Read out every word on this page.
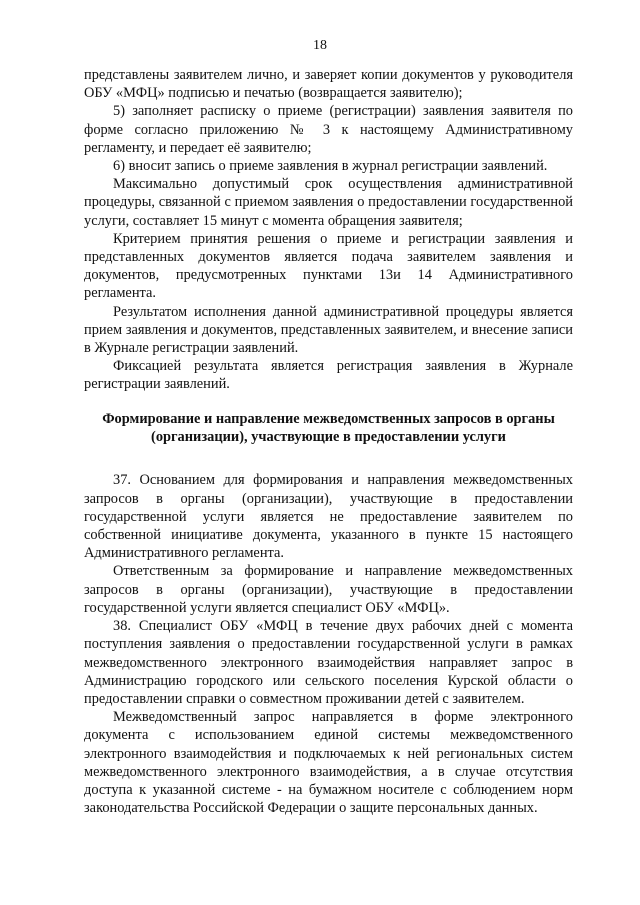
18

представлены заявителем лично, и заверяет копии документов у руководителя ОБУ «МФЦ» подписью и печатью (возвращается заявителю);

5) заполняет расписку о приеме (регистрации) заявления заявителя по форме согласно приложению № 3 к настоящему Административному регламенту, и передает её заявителю;

6) вносит запись о приеме заявления в журнал регистрации заявлений.

Максимально допустимый срок осуществления административной процедуры, связанной с приемом заявления о предоставлении государственной услуги, составляет 15 минут с момента обращения заявителя;

Критерием принятия решения о приеме и регистрации заявления и представленных документов является подача заявителем заявления и документов, предусмотренных пунктами 13и 14 Административного регламента.

Результатом исполнения данной административной процедуры является прием заявления и документов, представленных заявителем, и внесение записи в Журнале регистрации заявлений.

Фиксацией результата является регистрация заявления в Журнале регистрации заявлений.

Формирование и направление межведомственных запросов в органы (организации), участвующие в предоставлении услуги

37. Основанием для формирования и направления межведомственных запросов в органы (организации), участвующие в предоставлении государственной услуги является не предоставление заявителем по собственной инициативе документа, указанного в пункте 15 настоящего Административного регламента.

Ответственным за формирование и направление межведомственных запросов в органы (организации), участвующие в предоставлении государственной услуги является специалист ОБУ «МФЦ».

38. Специалист ОБУ «МФЦ в течение двух рабочих дней с момента поступления заявления о предоставлении государственной услуги в рамках межведомственного электронного взаимодействия направляет запрос в Администрацию городского или сельского поселения Курской области о предоставлении справки о совместном проживании детей с заявителем.

Межведомственный запрос направляется в форме электронного документа с использованием единой системы межведомственного электронного взаимодействия и подключаемых к ней региональных систем межведомственного электронного взаимодействия, а в случае отсутствия доступа к указанной системе - на бумажном носителе с соблюдением норм законодательства Российской Федерации о защите персональных данных.
